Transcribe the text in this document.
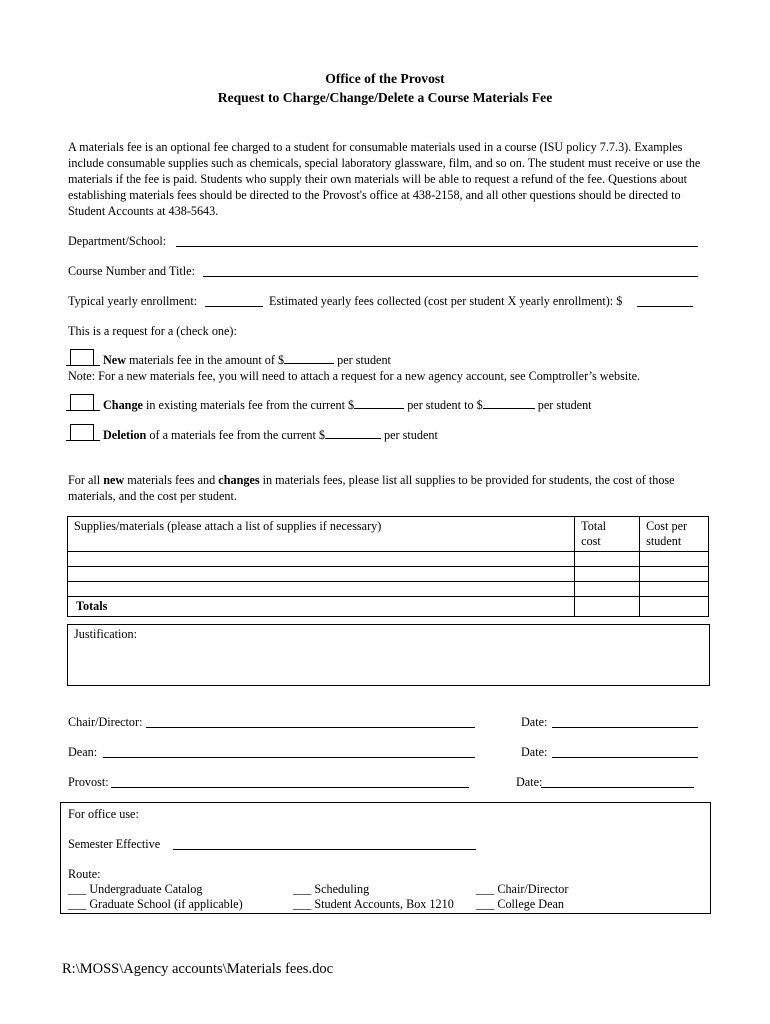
Office of the Provost
Request to Charge/Change/Delete a Course Materials Fee
A materials fee is an optional fee charged to a student for consumable materials used in a course (ISU policy 7.7.3). Examples include consumable supplies such as chemicals, special laboratory glassware, film, and so on. The student must receive or use the materials if the fee is paid. Students who supply their own materials will be able to request a refund of the fee. Questions about establishing materials fees should be directed to the Provost's office at 438-2158, and all other questions should be directed to Student Accounts at 438-5643.
Department/School:
Course Number and Title:
Typical yearly enrollment:	Estimated yearly fees collected (cost per student X yearly enrollment): $
This is a request for a (check one):
New materials fee in the amount of $	per student
Note: For a new materials fee, you will need to attach a request for a new agency account, see Comptroller’s website.
Change in existing materials fee from the current $	per student to $	per student
Deletion of a materials fee from the current $	per student
For all new materials fees and changes in materials fees, please list all supplies to be provided for students, the cost of those materials, and the cost per student.
Supplies/materials (please attach a list of supplies if necessary)	Total cost	Cost per student

Totals		
Justification:
Chair/Director:	Date:
Dean:	Date:
Provost:	Date:
For office use:
Semester Effective
Route:
___ Undergraduate Catalog
___ Graduate School (if applicable)
___ Scheduling
___ Student Accounts, Box 1210
___ Chair/Director
___ College Dean
R:\MOSS\Agency accounts\Materials fees.doc
